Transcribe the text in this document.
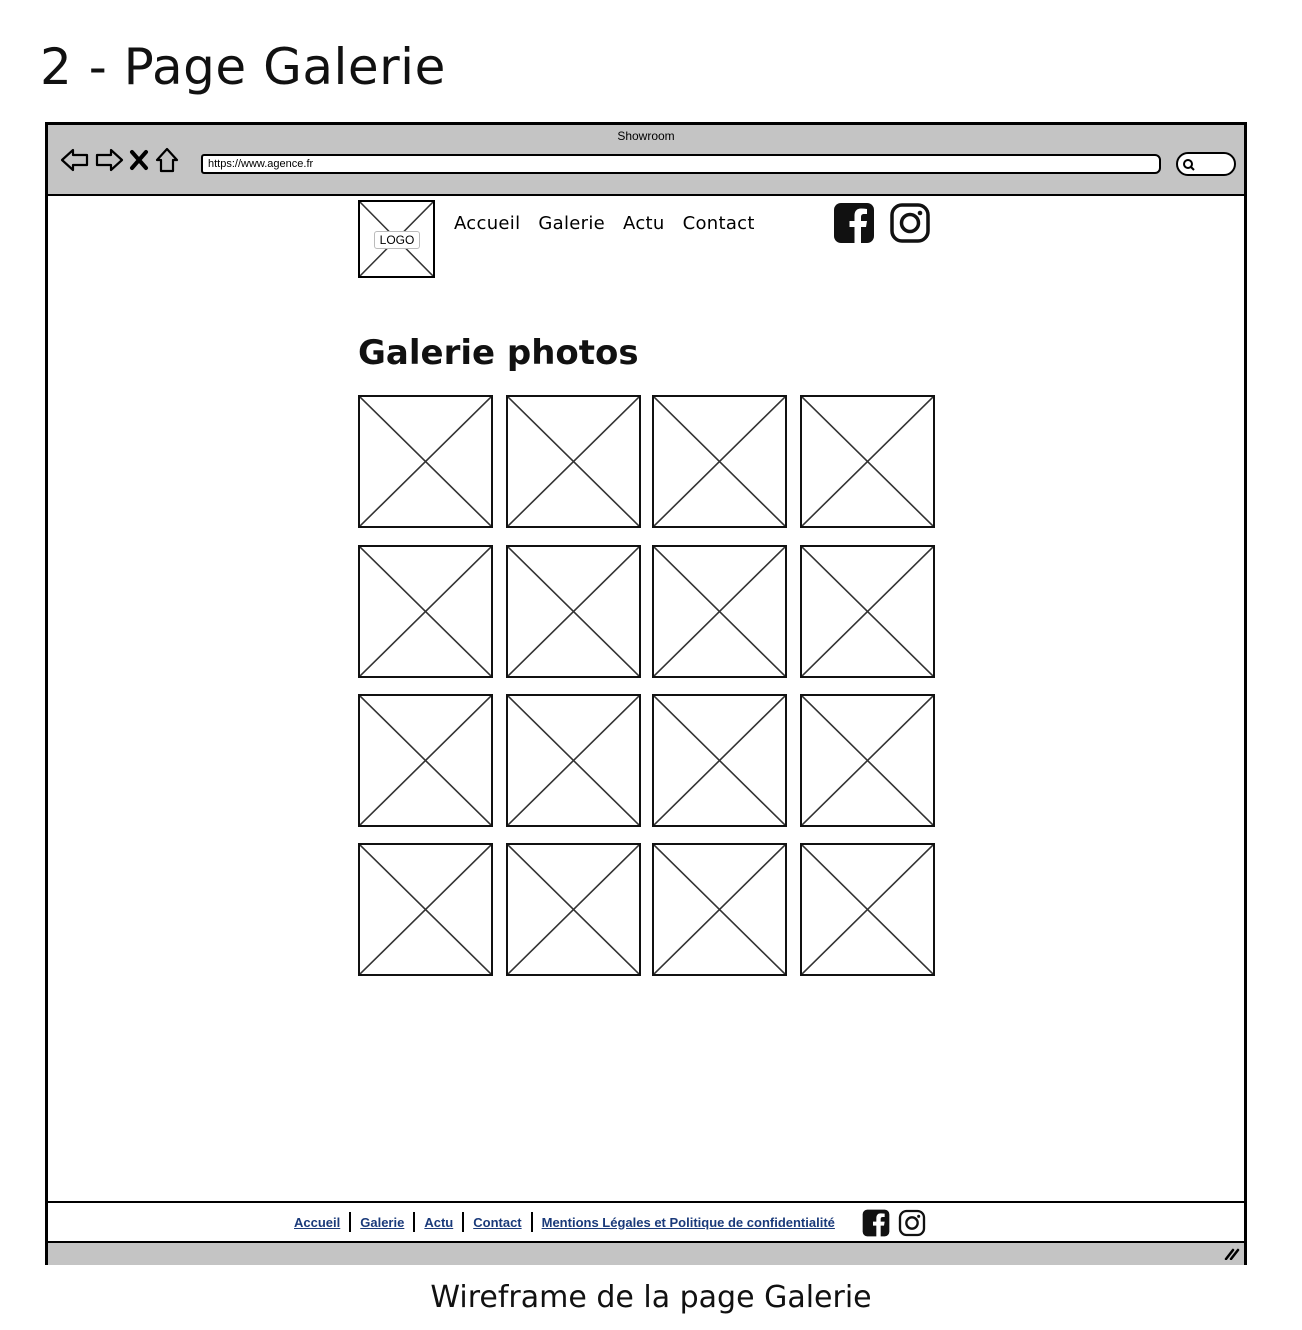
2 - Page Galerie
Showroom
https://www.agence.fr
LOGO
Accueil Galerie Actu Contact
Galerie photos
Accueil Galerie Actu Contact Mentions Légales et Politique de confidentialité
Wireframe de la page Galerie
